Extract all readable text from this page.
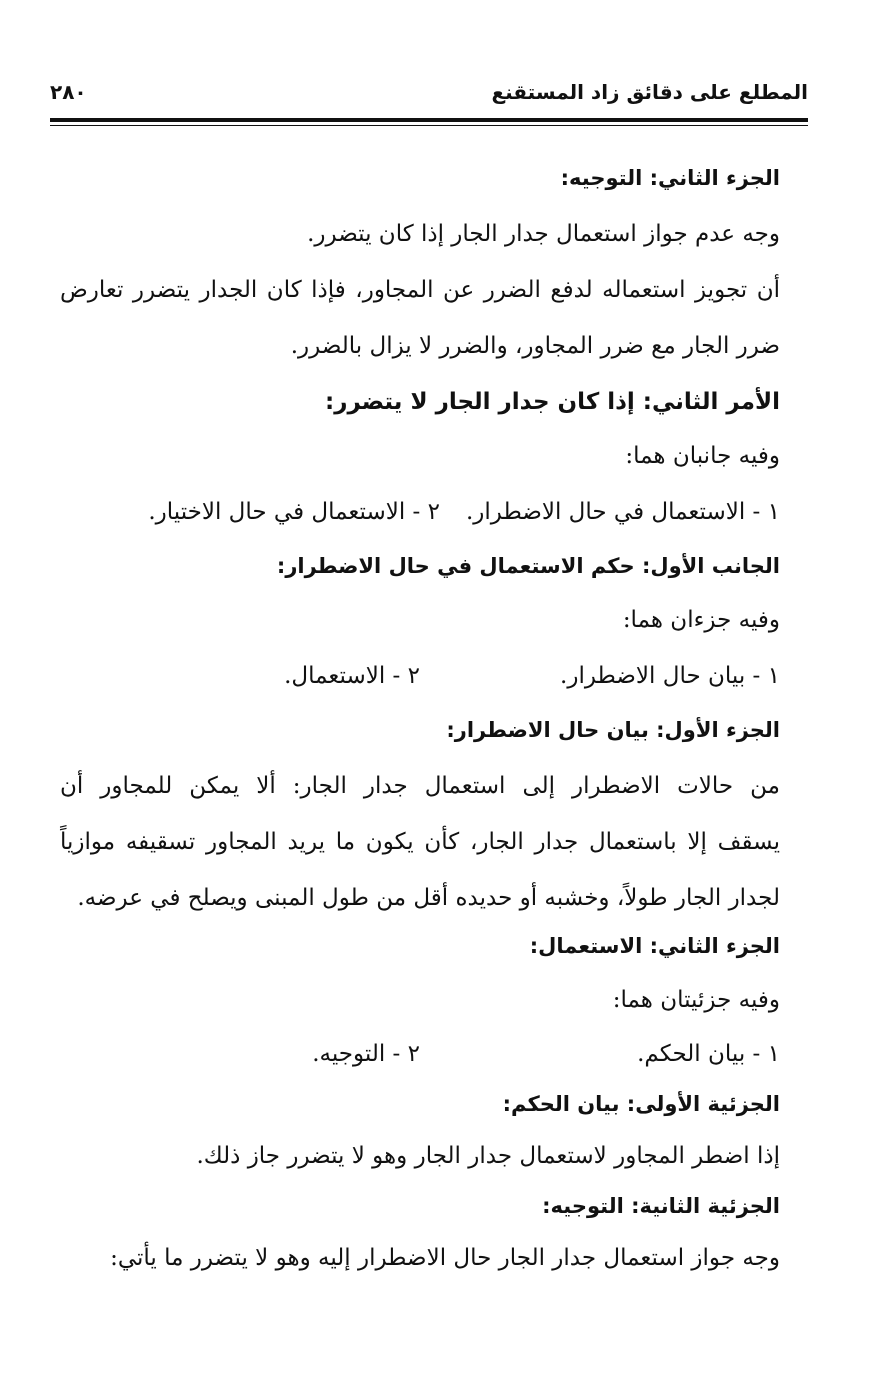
المطلع على دقائق زاد المستقنع
٢٨٠
الجزء الثاني: التوجيه:
وجه عدم جواز استعمال جدار الجار إذا كان يتضرر.
أن تجويز استعماله لدفع الضرر عن المجاور، فإذا كان الجدار يتضرر تعارض
ضرر الجار مع ضرر المجاور، والضرر لا يزال بالضرر.
الأمر الثاني: إذا كان جدار الجار لا يتضرر:
وفيه جانبان هما:
١ - الاستعمال في حال الاضطرار.
٢ - الاستعمال في حال الاختيار.
الجانب الأول: حكم الاستعمال في حال الاضطرار:
وفيه جزءان هما:
١ - بيان حال الاضطرار.
٢ - الاستعمال.
الجزء الأول: بيان حال الاضطرار:
من حالات الاضطرار إلى استعمال جدار الجار: ألا يمكن للمجاور أن
يسقف إلا باستعمال جدار الجار، كأن يكون ما يريد المجاور تسقيفه موازياً
لجدار الجار طولاً، وخشبه أو حديده أقل من طول المبنى ويصلح في عرضه.
الجزء الثاني: الاستعمال:
وفيه جزئيتان هما:
١ - بيان الحكم.
٢ - التوجيه.
الجزئية الأولى: بيان الحكم:
إذا اضطر المجاور لاستعمال جدار الجار وهو لا يتضرر جاز ذلك.
الجزئية الثانية: التوجيه:
وجه جواز استعمال جدار الجار حال الاضطرار إليه وهو لا يتضرر ما يأتي:
